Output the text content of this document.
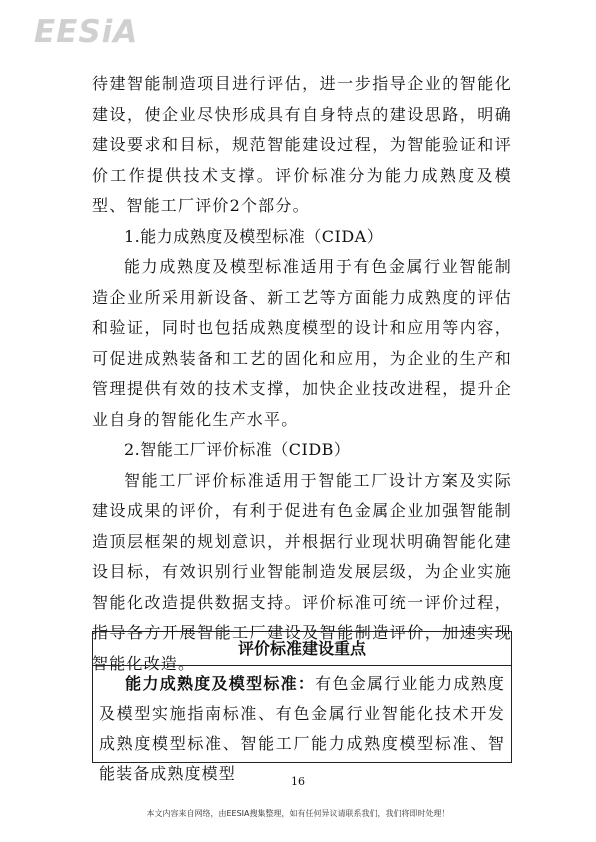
EESiA

待建智能制造项目进行评估，进一步指导企业的智能化建设，使企业尽快形成具有自身特点的建设思路，明确建设要求和目标，规范智能建设过程，为智能验证和评价工作提供技术支撑。评价标准分为能力成熟度及模型、智能工厂评价2个部分。

1.能力成熟度及模型标准（CIDA）

能力成熟度及模型标准适用于有色金属行业智能制造企业所采用新设备、新工艺等方面能力成熟度的评估和验证，同时也包括成熟度模型的设计和应用等内容，可促进成熟装备和工艺的固化和应用，为企业的生产和管理提供有效的技术支撑，加快企业技改进程，提升企业自身的智能化生产水平。

2.智能工厂评价标准（CIDB）

智能工厂评价标准适用于智能工厂设计方案及实际建设成果的评价，有利于促进有色金属企业加强智能制造顶层框架的规划意识，并根据行业现状明确智能化建设目标，有效识别行业智能制造发展层级，为企业实施智能化改造提供数据支持。评价标准可统一评价过程，指导各方开展智能工厂建设及智能制造评价，加速实现智能化改造。

评价标准建设重点
能力成熟度及模型标准：有色金属行业能力成熟度及模型实施指南标准、有色金属行业智能化技术开发成熟度模型标准、智能工厂能力成熟度模型标准、智能装备成熟度模型	16
本文内容来自网络，由EESIA搜集整理，如有任何异议请联系我们，我们将即时处理！
